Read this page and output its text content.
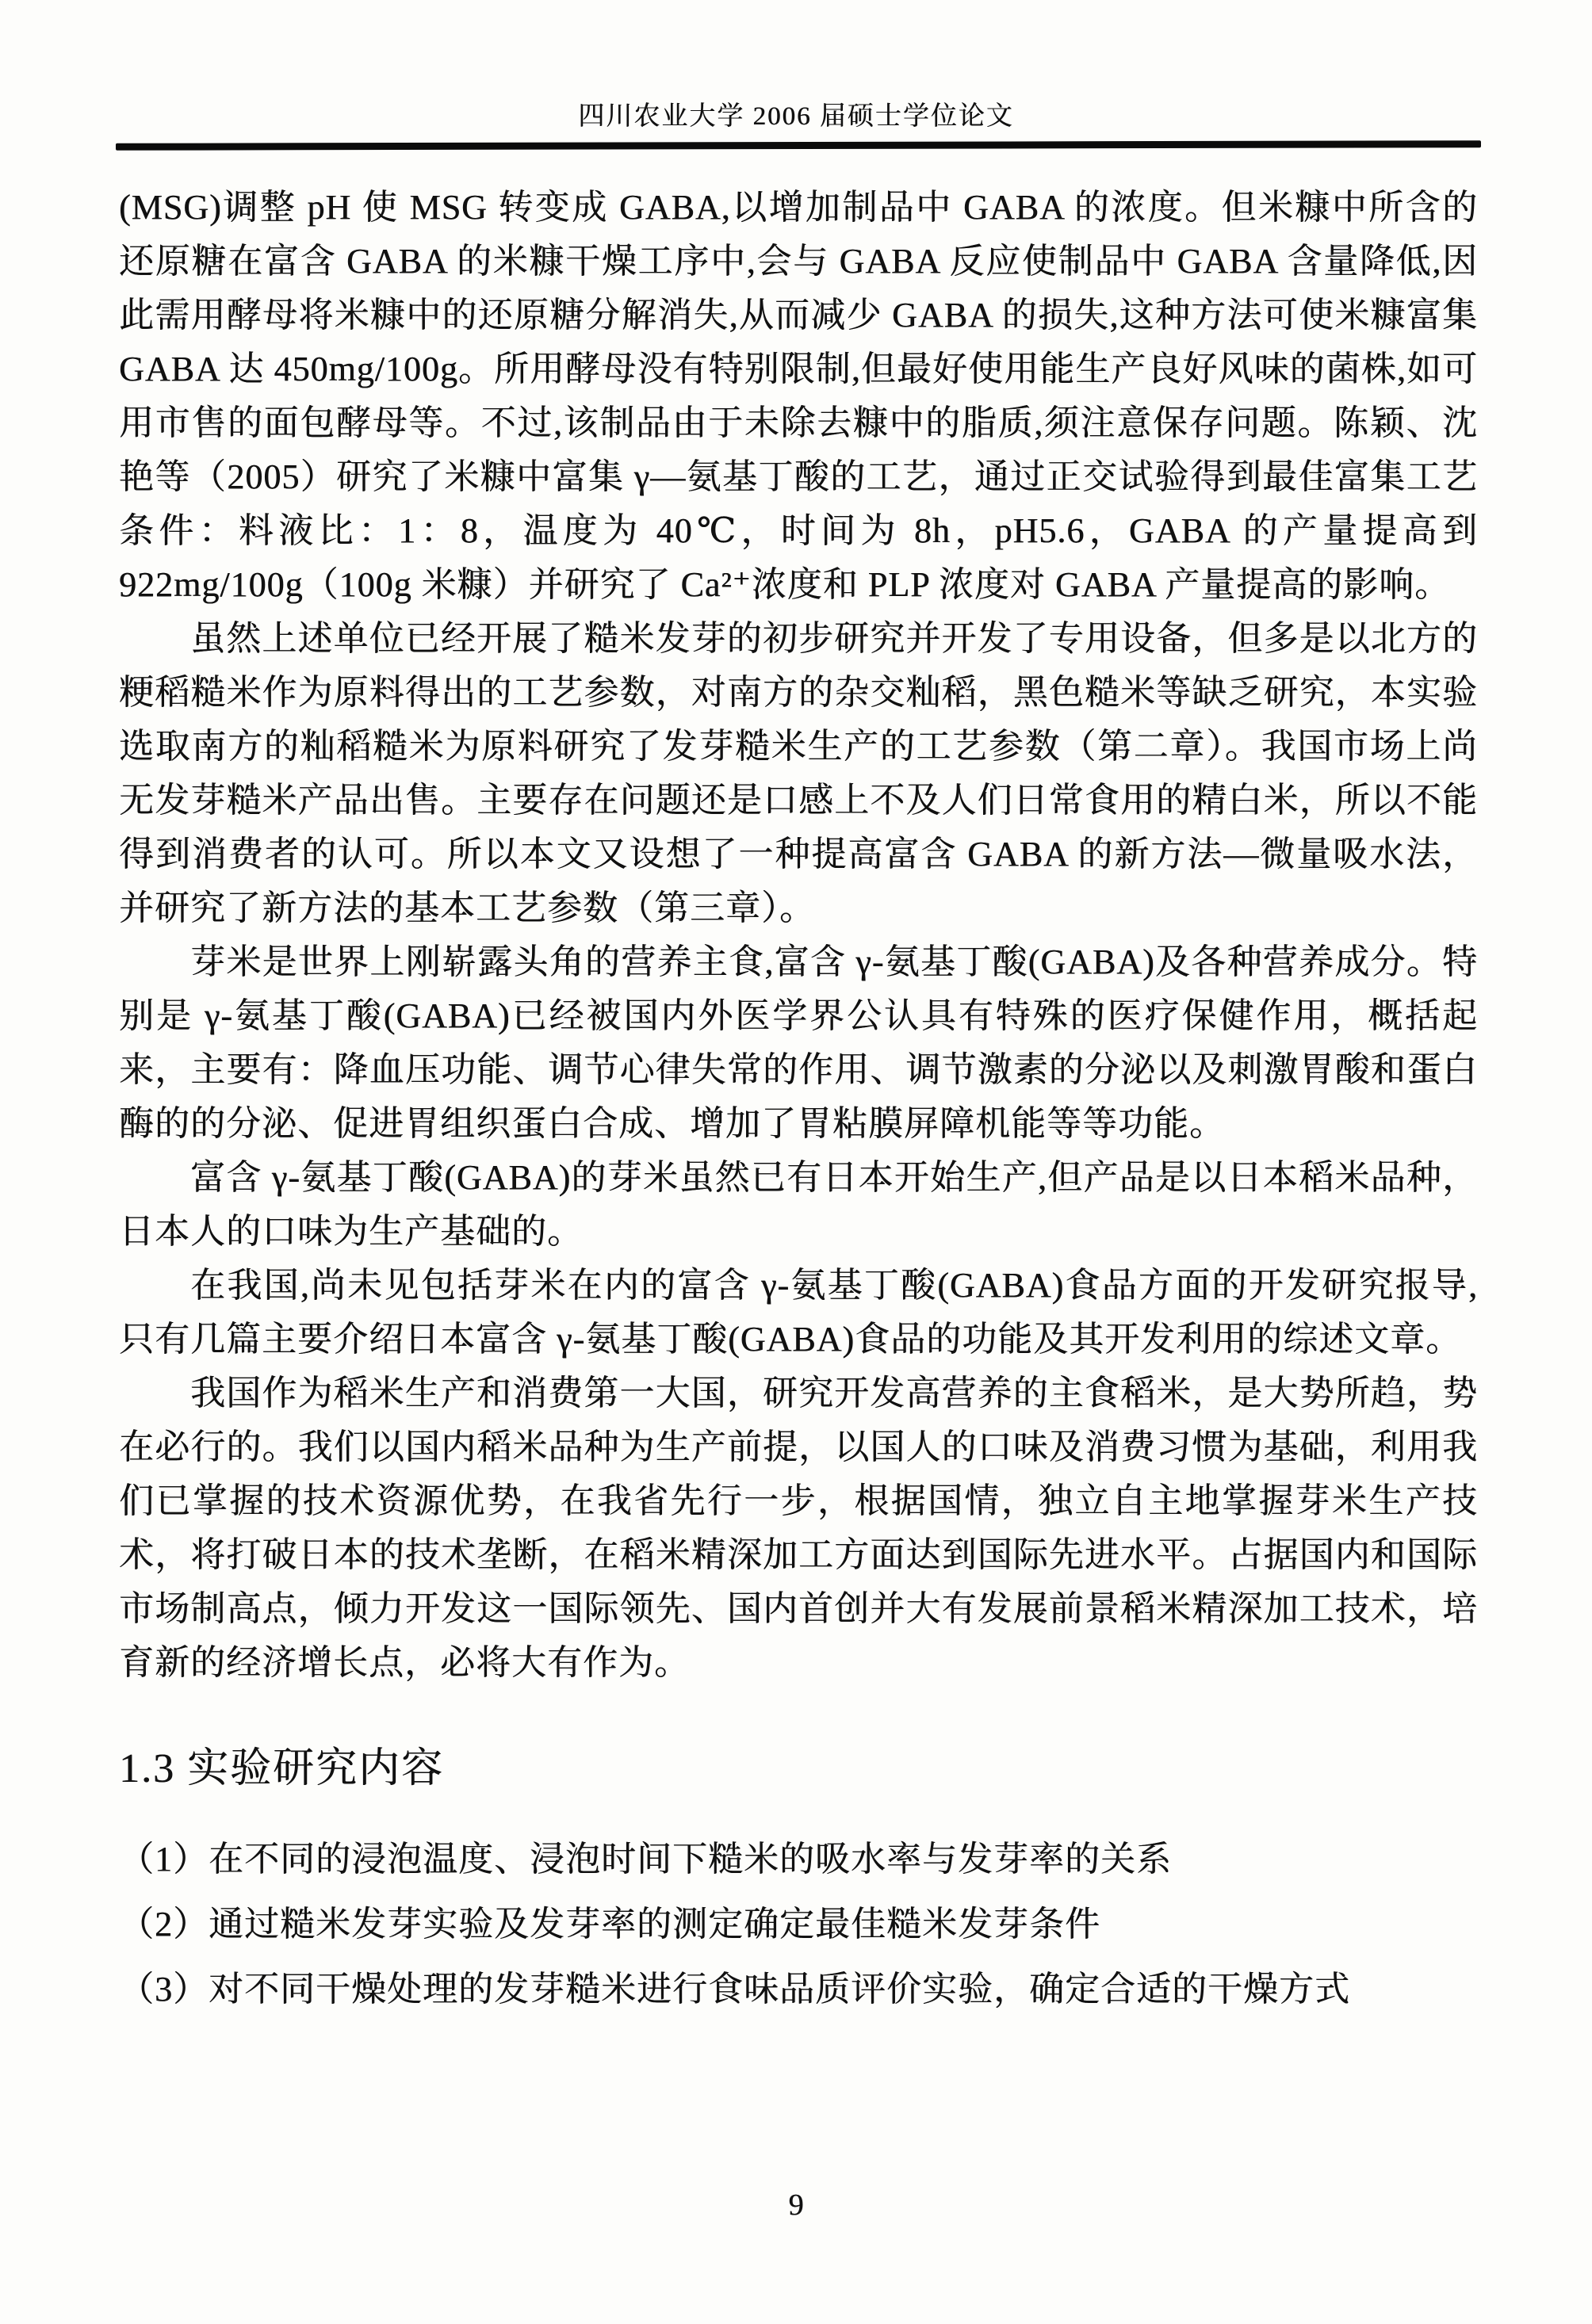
四川农业大学 2006 届硕士学位论文

(MSG)调整 pH 使 MSG 转变成 GABA,以增加制品中 GABA 的浓度。但米糠中所含的还原糖在富含 GABA 的米糠干燥工序中,会与 GABA 反应使制品中 GABA 含量降低,因此需用酵母将米糠中的还原糖分解消失,从而减少 GABA 的损失,这种方法可使米糠富集 GABA 达 450mg/100g。所用酵母没有特别限制,但最好使用能生产良好风味的菌株,如可用市售的面包酵母等。不过,该制品由于未除去糠中的脂质,须注意保存问题。陈颖、沈艳等（2005）研究了米糠中富集 γ—氨基丁酸的工艺，通过正交试验得到最佳富集工艺条件：料液比：1：8，温度为 40℃，时间为 8h，pH5.6，GABA 的产量提高到 922mg/100g（100g 米糠）并研究了 Ca²⁺浓度和 PLP 浓度对 GABA 产量提高的影响。

虽然上述单位已经开展了糙米发芽的初步研究并开发了专用设备，但多是以北方的粳稻糙米作为原料得出的工艺参数，对南方的杂交籼稻，黑色糙米等缺乏研究，本实验选取南方的籼稻糙米为原料研究了发芽糙米生产的工艺参数（第二章）。我国市场上尚无发芽糙米产品出售。主要存在问题还是口感上不及人们日常食用的精白米，所以不能得到消费者的认可。所以本文又设想了一种提高富含 GABA 的新方法—微量吸水法，并研究了新方法的基本工艺参数（第三章）。

芽米是世界上刚崭露头角的营养主食,富含 γ-氨基丁酸(GABA)及各种营养成分。特别是 γ-氨基丁酸(GABA)已经被国内外医学界公认具有特殊的医疗保健作用，概括起来，主要有：降血压功能、调节心律失常的作用、调节激素的分泌以及刺激胃酸和蛋白酶的的分泌、促进胃组织蛋白合成、增加了胃粘膜屏障机能等等功能。

富含 γ-氨基丁酸(GABA)的芽米虽然已有日本开始生产,但产品是以日本稻米品种，日本人的口味为生产基础的。

在我国,尚未见包括芽米在内的富含 γ-氨基丁酸(GABA)食品方面的开发研究报导,只有几篇主要介绍日本富含 γ-氨基丁酸(GABA)食品的功能及其开发利用的综述文章。

我国作为稻米生产和消费第一大国，研究开发高营养的主食稻米，是大势所趋，势在必行的。我们以国内稻米品种为生产前提，以国人的口味及消费习惯为基础，利用我们已掌握的技术资源优势，在我省先行一步，根据国情，独立自主地掌握芽米生产技术，将打破日本的技术垄断，在稻米精深加工方面达到国际先进水平。占据国内和国际市场制高点，倾力开发这一国际领先、国内首创并大有发展前景稻米精深加工技术，培育新的经济增长点，必将大有作为。

1.3 实验研究内容
（1）在不同的浸泡温度、浸泡时间下糙米的吸水率与发芽率的关系
（2）通过糙米发芽实验及发芽率的测定确定最佳糙米发芽条件
（3）对不同干燥处理的发芽糙米进行食味品质评价实验，确定合适的干燥方式
9
